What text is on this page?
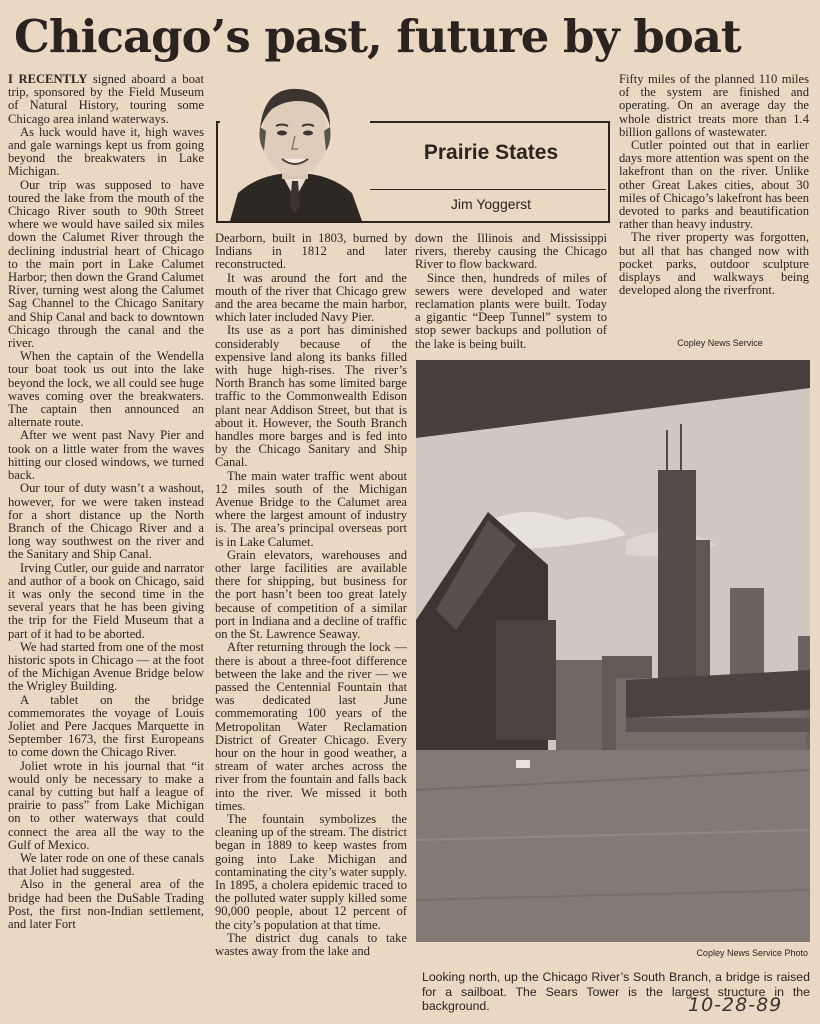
Chicago’s past, future by boat

I RECENTLY signed aboard a boat trip, sponsored by the Field Museum of Natural History, touring some Chicago area inland waterways.

As luck would have it, high waves and gale warnings kept us from going beyond the breakwaters in Lake Michigan.

Our trip was supposed to have toured the lake from the mouth of the Chicago River south to 90th Street where we would have sailed six miles down the Calumet River through the declining industrial heart of Chicago to the main port in Lake Calumet Harbor; then down the Grand Calumet River, turning west along the Calumet Sag Channel to the Chicago Sanitary and Ship Canal and back to downtown Chicago through the canal and the river.

When the captain of the Wendella tour boat took us out into the lake beyond the lock, we all could see huge waves coming over the breakwaters. The captain then announced an alternate route.

After we went past Navy Pier and took on a little water from the waves hitting our closed windows, we turned back.

Our tour of duty wasn’t a washout, however, for we were taken instead for a short distance up the North Branch of the Chicago River and a long way southwest on the river and the Sanitary and Ship Canal.

Irving Cutler, our guide and narrator and author of a book on Chicago, said it was only the second time in the several years that he has been giving the trip for the Field Museum that a part of it had to be aborted.

We had started from one of the most historic spots in Chicago — at the foot of the Michigan Avenue Bridge below the Wrigley Building.

A tablet on the bridge commemorates the voyage of Louis Joliet and Pere Jacques Marquette in September 1673, the first Europeans to come down the Chicago River.

Joliet wrote in his journal that “it would only be necessary to make a canal by cutting but half a league of prairie to pass” from Lake Michigan on to other waterways that could connect the area all the way to the Gulf of Mexico.

We later rode on one of these canals that Joliet had suggested.

Also in the general area of the bridge had been the DuSable Trading Post, the first non-Indian settlement, and later Fort

Prairie States
Jim Yoggerst

Dearborn, built in 1803, burned by Indians in 1812 and later reconstructed.

It was around the fort and the mouth of the river that Chicago grew and the area became the main harbor, which later included Navy Pier.

Its use as a port has diminished considerably because of the expensive land along its banks filled with huge high-rises. The river’s North Branch has some limited barge traffic to the Commonwealth Edison plant near Addison Street, but that is about it. However, the South Branch handles more barges and is fed into by the Chicago Sanitary and Ship Canal.

The main water traffic went about 12 miles south of the Michigan Avenue Bridge to the Calumet area where the largest amount of industry is. The area’s principal overseas port is in Lake Calumet.

Grain elevators, warehouses and other large facilities are available there for shipping, but business for the port hasn’t been too great lately because of competition of a similar port in Indiana and a decline of traffic on the St. Lawrence Seaway.

After returning through the lock — there is about a three-foot difference between the lake and the river — we passed the Centennial Fountain that was dedicated last June commemorating 100 years of the Metropolitan Water Reclamation District of Greater Chicago. Every hour on the hour in good weather, a stream of water arches across the river from the fountain and falls back into the river. We missed it both times.

The fountain symbolizes the cleaning up of the stream. The district began in 1889 to keep wastes from going into Lake Michigan and contaminating the city’s water supply. In 1895, a cholera epidemic traced to the polluted water supply killed some 90,000 people, about 12 percent of the city’s population at that time.

The district dug canals to take wastes away from the lake and

down the Illinois and Mississippi rivers, thereby causing the Chicago River to flow backward.

Since then, hundreds of miles of sewers were developed and water reclamation plants were built. Today a gigantic “Deep Tunnel” system to stop sewer backups and pollution of the lake is being built.

Fifty miles of the planned 110 miles of the system are finished and operating. On an average day the whole district treats more than 1.4 billion gallons of wastewater.

Cutler pointed out that in earlier days more attention was spent on the lakefront than on the river. Unlike other Great Lakes cities, about 30 miles of Chicago’s lakefront has been devoted to parks and beautification rather than heavy industry.

The river property was forgotten, but all that has changed now with pocket parks, outdoor sculpture displays and walkways being developed along the riverfront.

Copley News Service
Copley News Service Photo
Looking north, up the Chicago River’s South Branch, a bridge is raised for a sailboat. The Sears Tower is the largest structure in the background.	10-28-89
